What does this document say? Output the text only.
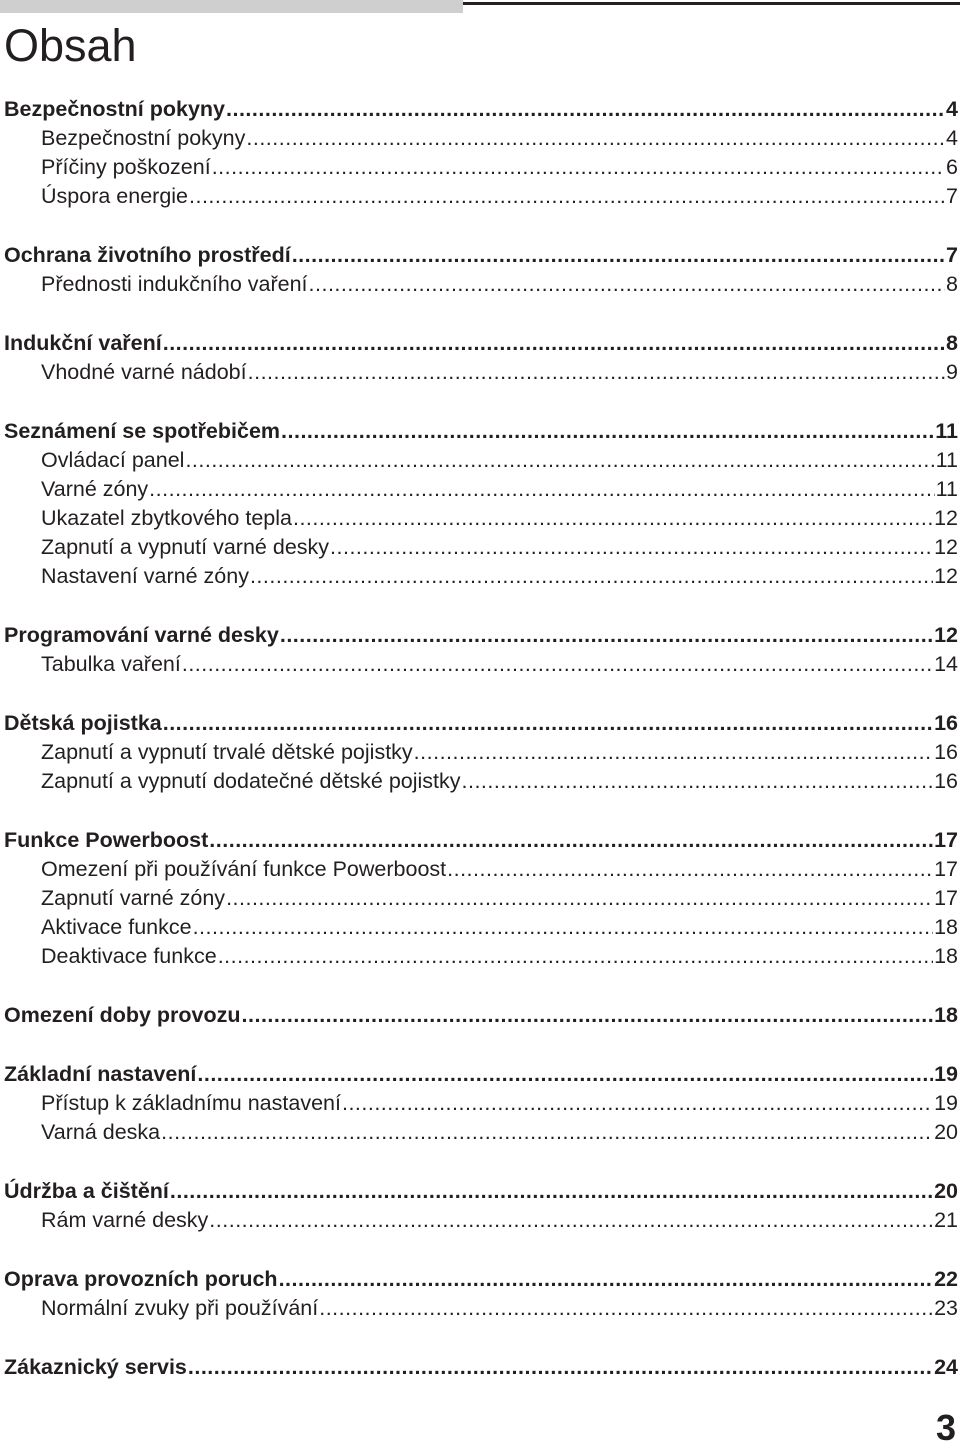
Obsah
Bezpečnostní pokyny .....	4
Bezpečnostní pokyny .....	4
Příčiny poškození .....	6
Úspora energie .....	7
Ochrana životního prostředí .....	7
Přednosti indukčního vaření .....	8
Indukční vaření .....	8
Vhodné varné nádobí .....	9
Seznámení se spotřebičem .....	11
Ovládací panel .....	11
Varné zóny .....	11
Ukazatel zbytkového tepla .....	12
Zapnutí a vypnutí varné desky .....	12
Nastavení varné zóny .....	12
Programování varné desky .....	12
Tabulka vaření .....	14
Dětská pojistka .....	16
Zapnutí a vypnutí trvalé dětské pojistky .....	16
Zapnutí a vypnutí dodatečné dětské pojistky .....	16
Funkce Powerboost .....	17
Omezení při používání funkce Powerboost .....	17
Zapnutí varné zóny .....	17
Aktivace funkce .....	18
Deaktivace funkce .....	18
Omezení doby provozu .....	18
Základní nastavení .....	19
Přístup k základnímu nastavení .....	19
Varná deska .....	20
Údržba a čištění .....	20
Rám varné desky .....	21
Oprava provozních poruch .....	22
Normální zvuky při používání .....	23
Zákaznický servis .....	24
3
